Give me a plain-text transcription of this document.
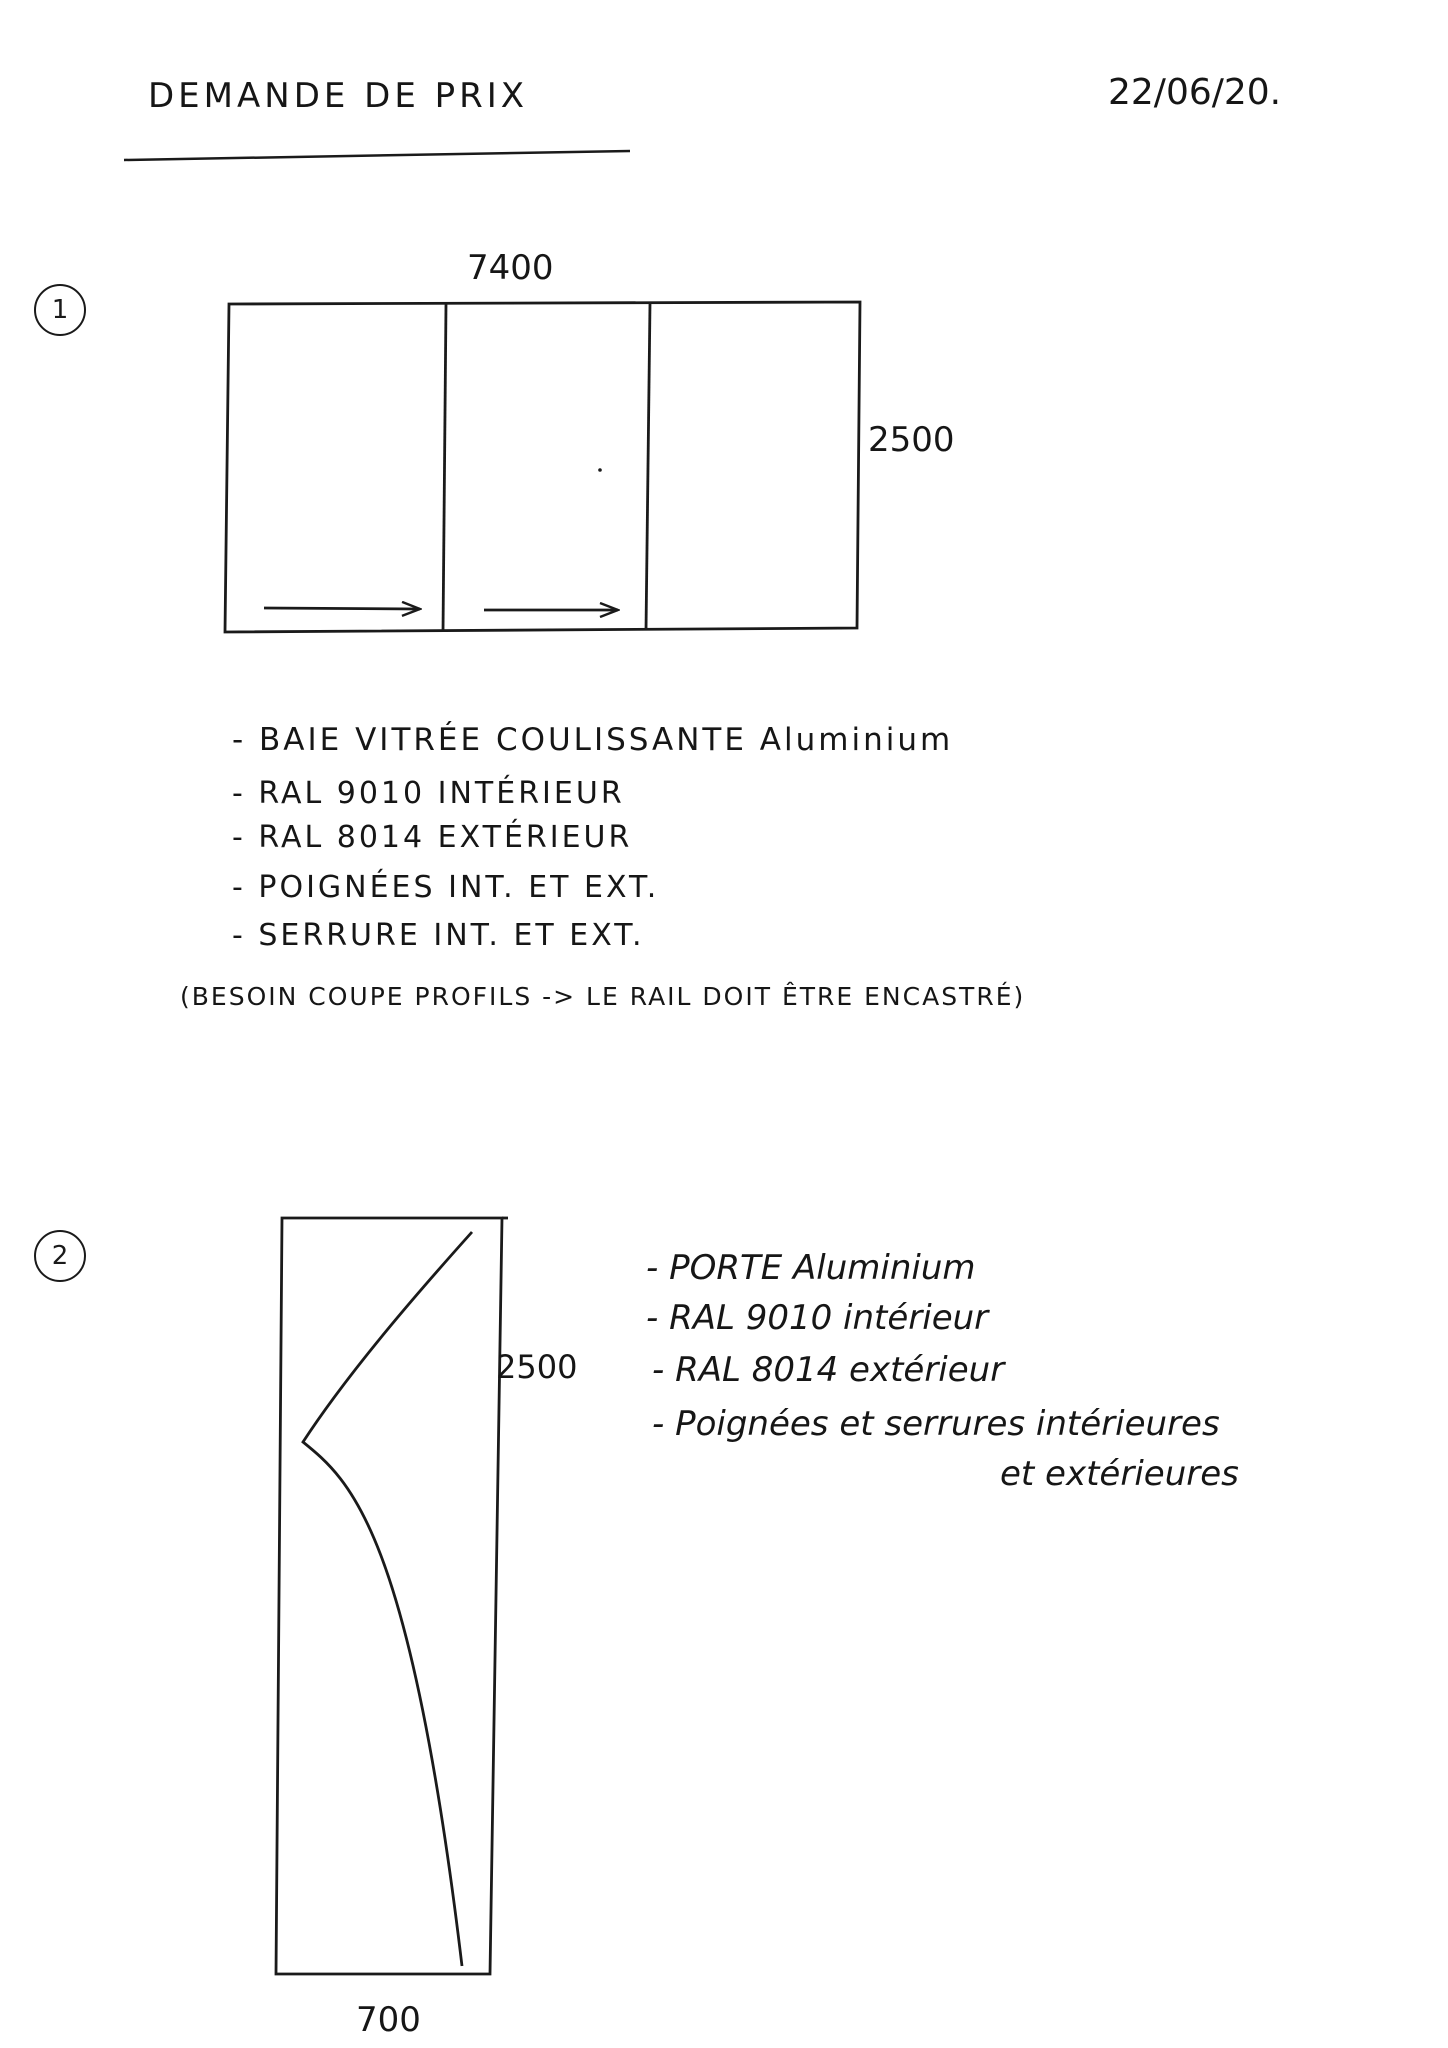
DEMANDE DE PRIX	22/06/20.
1
7400
2500
- BAIE VITRÉE COULISSANTE Aluminium
- RAL 9010 INTÉRIEUR
- RAL 8014 EXTÉRIEUR
- POIGNÉES INT. ET EXT.
- SERRURE INT. ET EXT.
(BESOIN COUPE PROFILS -> LE RAIL DOIT ÊTRE ENCASTRÉ)
2
2500
700
- PORTE Aluminium
- RAL 9010 intérieur
- RAL 8014 extérieur
- Poignées et serrures intérieures
et extérieures
